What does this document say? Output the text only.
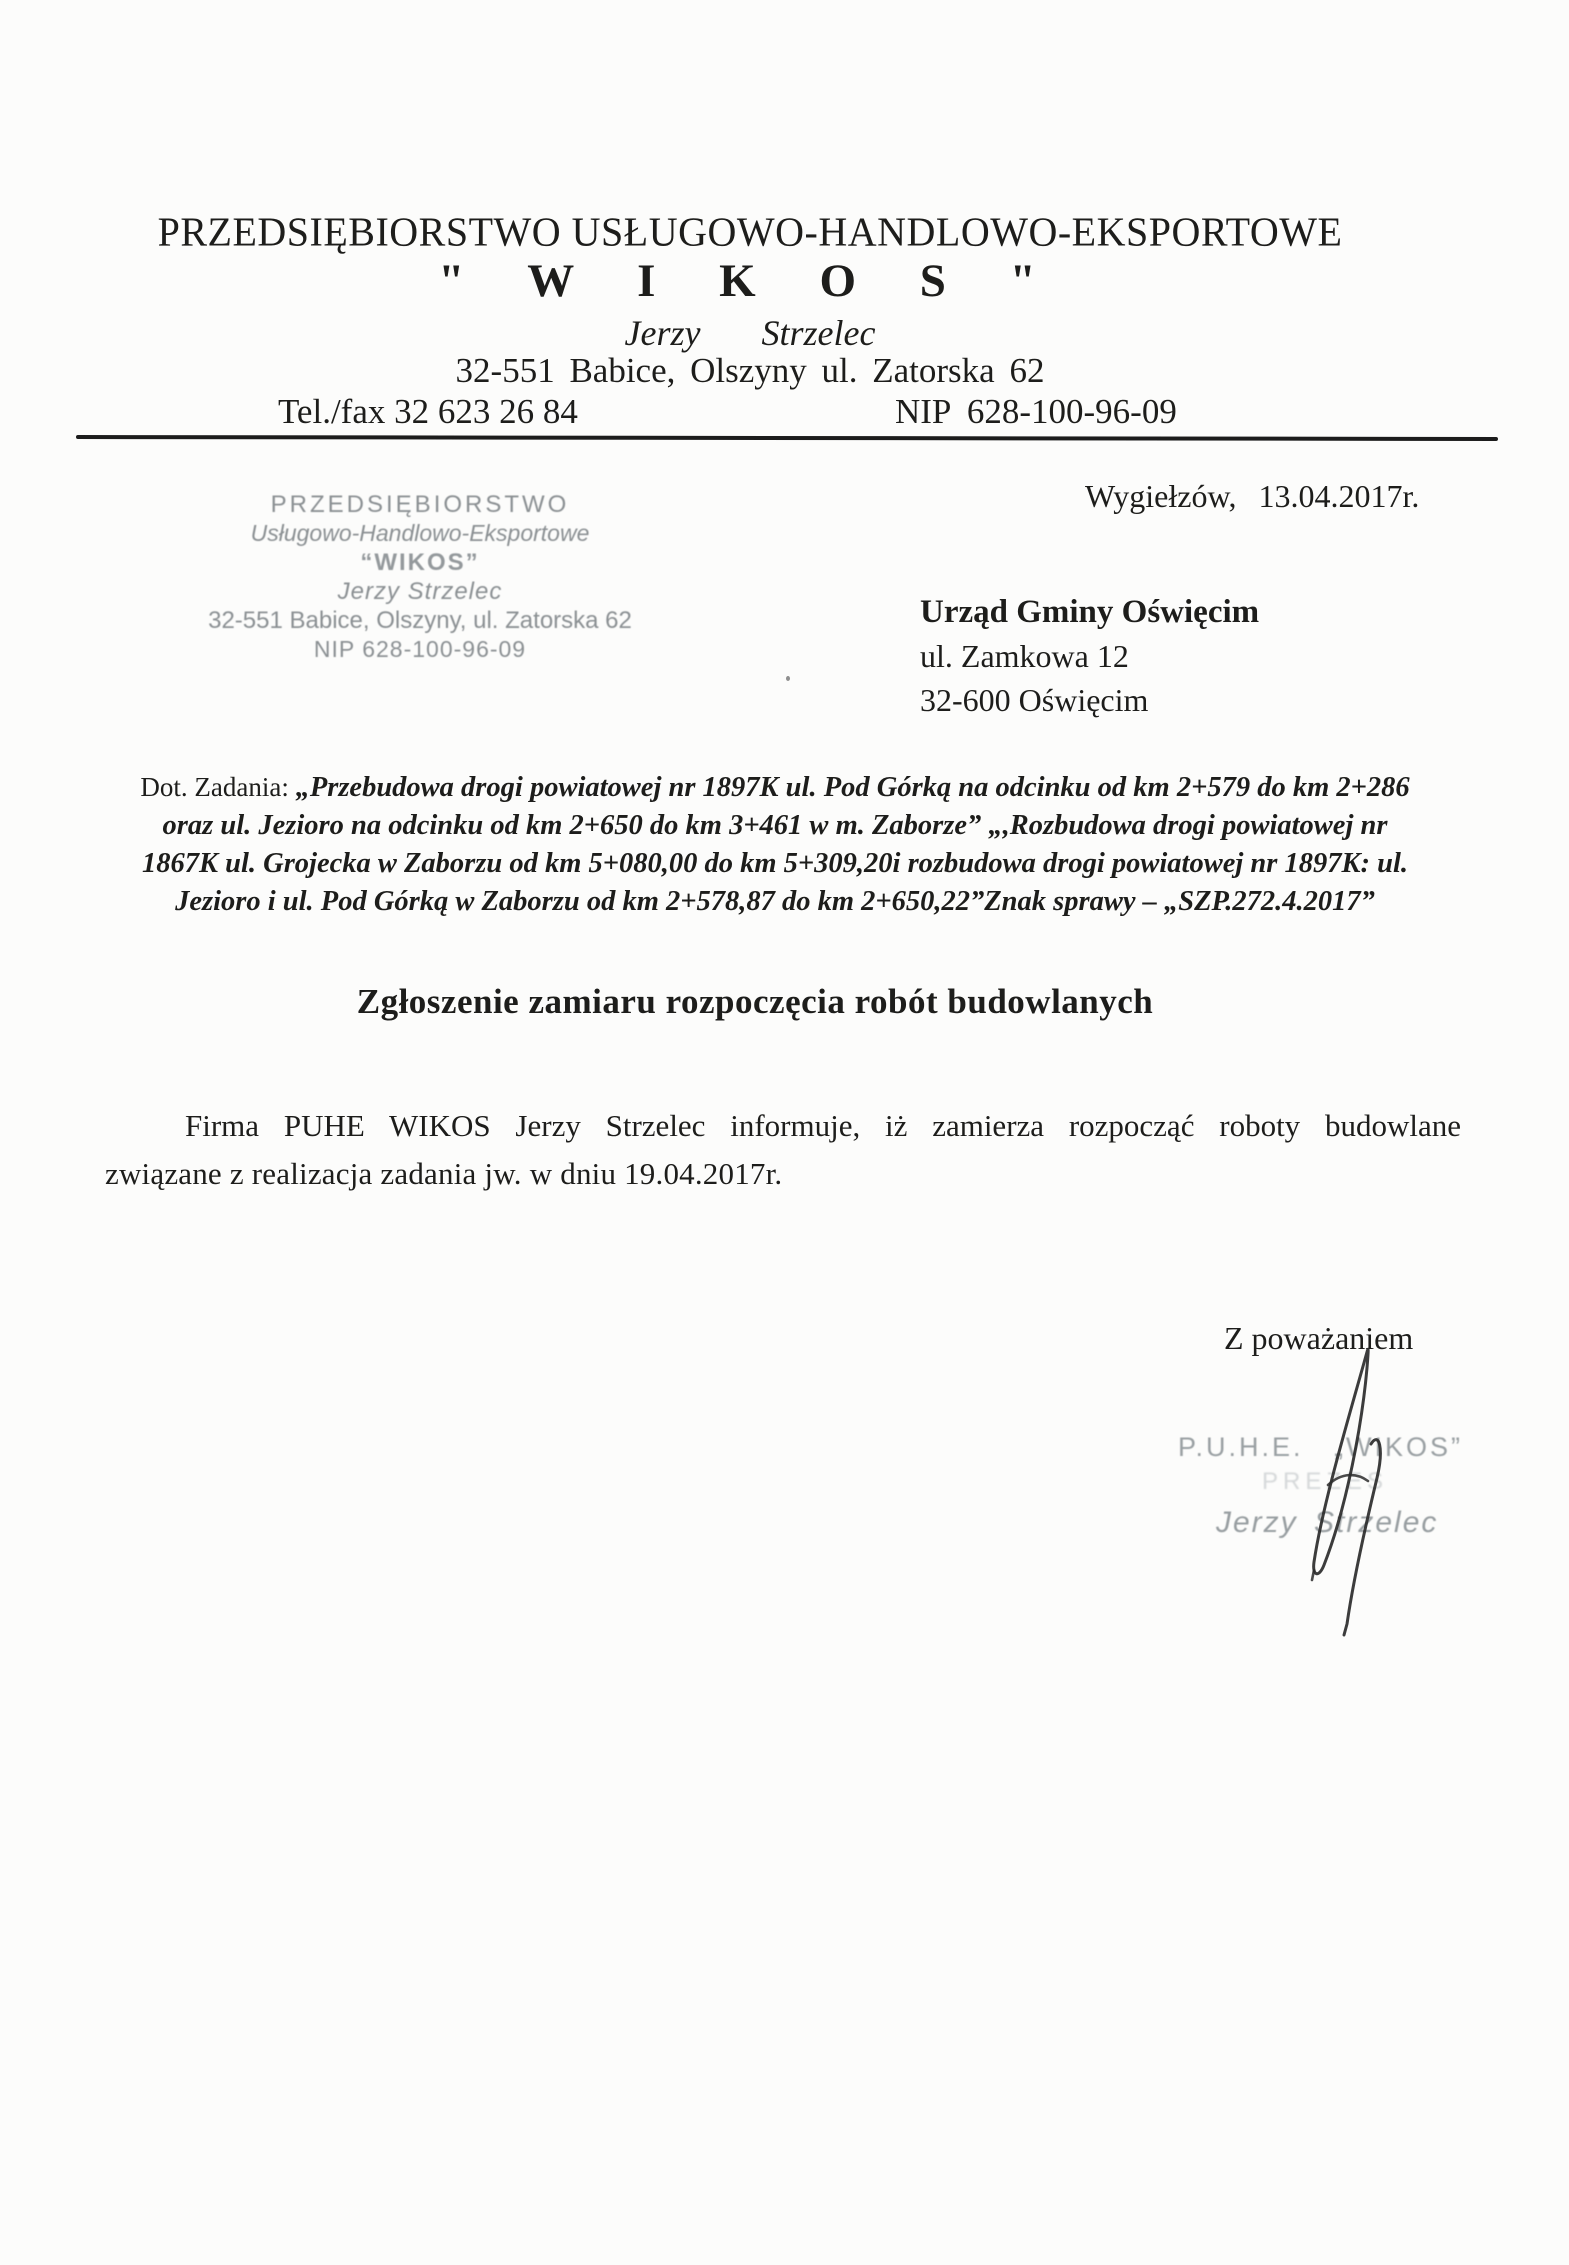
PRZEDSIĘBIORSTWO USŁUGOWO-HANDLOWO-EKSPORTOWE
" W I K O S "
Jerzy Strzelec
32-551 Babice, Olszyny ul. Zatorska 62
Tel./fax 32 623 26 84	NIP 628-100-96-09
PRZEDSIĘBIORSTWO
Usługowo-Handlowo-Eksportowe
“WIKOS”
Jerzy Strzelec
32-551 Babice, Olszyny, ul. Zatorska 62
NIP 628-100-96-09
Wygiełzów, 13.04.2017r.
Urząd Gminy Oświęcim
ul. Zamkowa 12
32-600 Oświęcim
Dot. Zadania: „Przebudowa drogi powiatowej nr 1897K ul. Pod Górką na odcinku od km 2+579 do km 2+286
oraz ul. Jezioro na odcinku od km 2+650 do km 3+461 w m. Zaborze” „,Rozbudowa drogi powiatowej nr
1867K ul. Grojecka w Zaborzu od km 5+080,00 do km 5+309,20i rozbudowa drogi powiatowej nr 1897K: ul.
Jezioro i ul. Pod Górką w Zaborzu od km 2+578,87 do km 2+650,22”Znak sprawy – „SZP.272.4.2017”
Zgłoszenie zamiaru rozpoczęcia robót budowlanych
Firma PUHE WIKOS Jerzy Strzelec informuje, iż zamierza rozpocząć roboty budowlane
związane z realizacja zadania jw. w dniu 19.04.2017r.
Z poważaniem
P.U.H.E. „WIKOS”
PREZES
Jerzy Strzelec
